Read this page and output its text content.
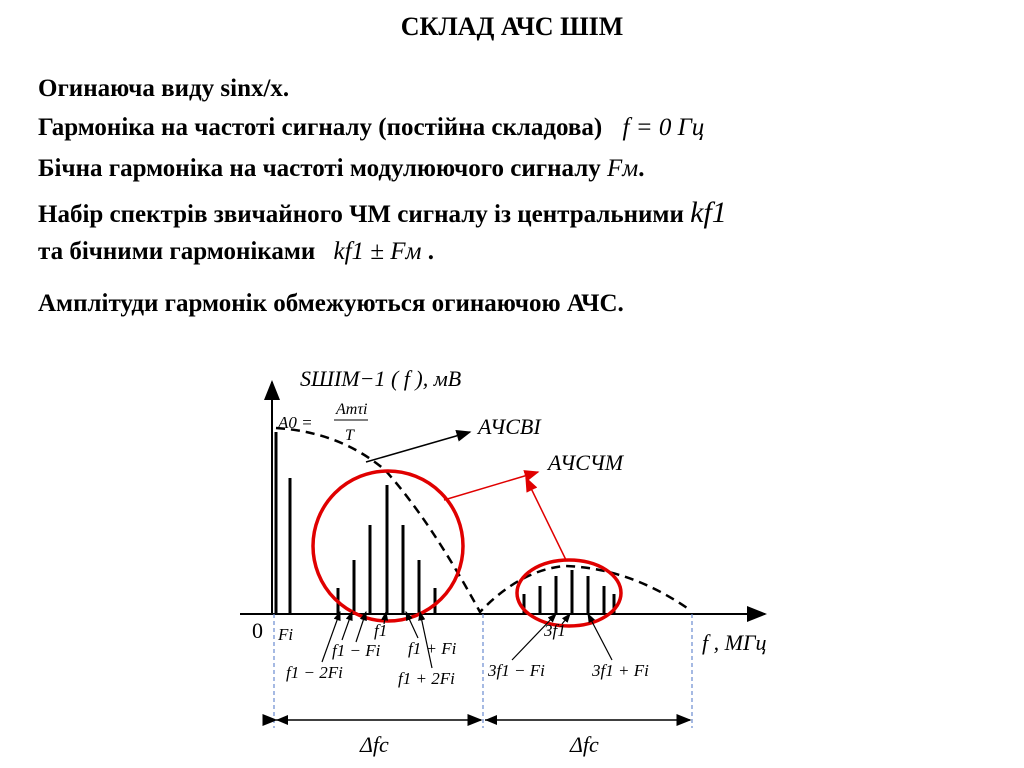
СКЛАД АЧС ШІМ
Огинаюча виду sinx/x.
Гармоніка на частоті сигналу (постійна складова) f = 0 Гц
Бічна гармоніка на частоті модулюючого сигналу Fм.
Набір спектрів звичайного ЧМ сигналу із центральними kf1
та бічними гармоніками kf1 ± Fм .
Амплітуди гармонік обмежуються огинаючою АЧС.
SШІМ−1 ( f ), мВ
A0 =
Amτi
T	АЧСВІ
АЧСЧМ
0 Fi	f1
f1 − Fi f1 + Fi
f1 − 2Fi	f1 + 2Fi
3f1
3f1 − Fi	3f1 + Fi
f , МГц
Δfc	Δfc
